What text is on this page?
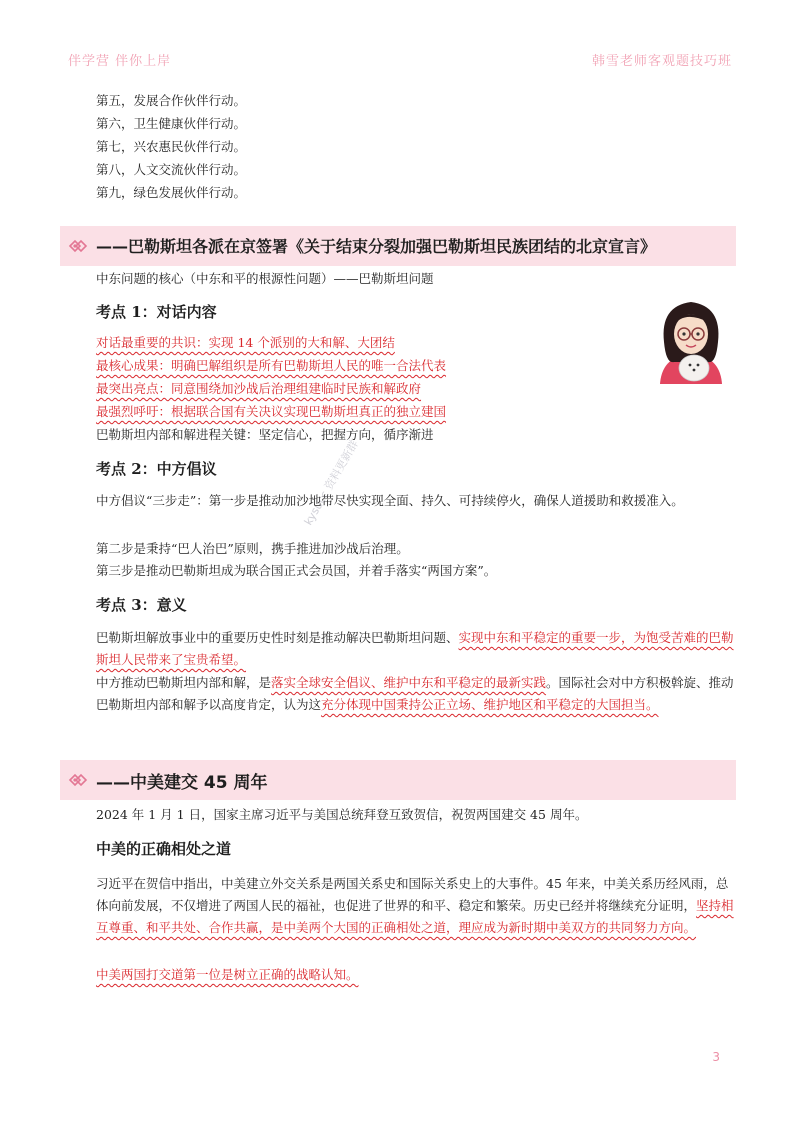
伴学营 伴你上岸	韩雪老师客观题技巧班
第五，发展合作伙伴行动。
第六，卫生健康伙伴行动。
第七，兴农惠民伙伴行动。
第八，人文交流伙伴行动。
第九，绿色发展伙伴行动。
——巴勒斯坦各派在京签署《关于结束分裂加强巴勒斯坦民族团结的北京宣言》
中东问题的核心（中东和平的根源性问题）——巴勒斯坦问题
考点 1：对话内容
对话最重要的共识：实现 14 个派别的大和解、大团结
最核心成果：明确巴解组织是所有巴勒斯坦人民的唯一合法代表
最突出亮点：同意围绕加沙战后治理组建临时民族和解政府
最强烈呼吁：根据联合国有关决议实现巴勒斯坦真正的独立建国
巴勒斯坦内部和解进程关键：坚定信心，把握方向，循序渐进
考点 2：中方倡议
中方倡议“三步走”：第一步是推动加沙地带尽快实现全面、持久、可持续停火，确保人道援助和救援准入。
第二步是秉持“巴人治巴”原则，携手推进加沙战后治理。
第三步是推动巴勒斯坦成为联合国正式会员国，并着手落实“两国方案”。
考点 3：意义
巴勒斯坦解放事业中的重要历史性时刻是推动解决巴勒斯坦问题、实现中东和平稳定的重要一步，为饱受苦难的巴勒斯坦人民带来了宝贵希望。
中方推动巴勒斯坦内部和解，是落实全球安全倡议、维护中东和平稳定的最新实践。国际社会对中方积极斡旋、推动巴勒斯坦内部和解予以高度肯定，认为这充分体现中国秉持公正立场、维护地区和平稳定的大国担当。
——中美建交 45 周年
2024 年 1 月 1 日，国家主席习近平与美国总统拜登互致贺信，祝贺两国建交 45 周年。
中美的正确相处之道
习近平在贺信中指出，中美建立外交关系是两国关系史和国际关系史上的大事件。45 年来，中美关系历经风雨，总体向前发展，不仅增进了两国人民的福祉，也促进了世界的和平、稳定和繁荣。历史已经并将继续充分证明，坚持相互尊重、和平共处、合作共赢，是中美两个大国的正确相处之道，理应成为新时期中美双方的共同努力方向。
中美两国打交道第一位是树立正确的战略认知。
kysucc 资料更新群
3
